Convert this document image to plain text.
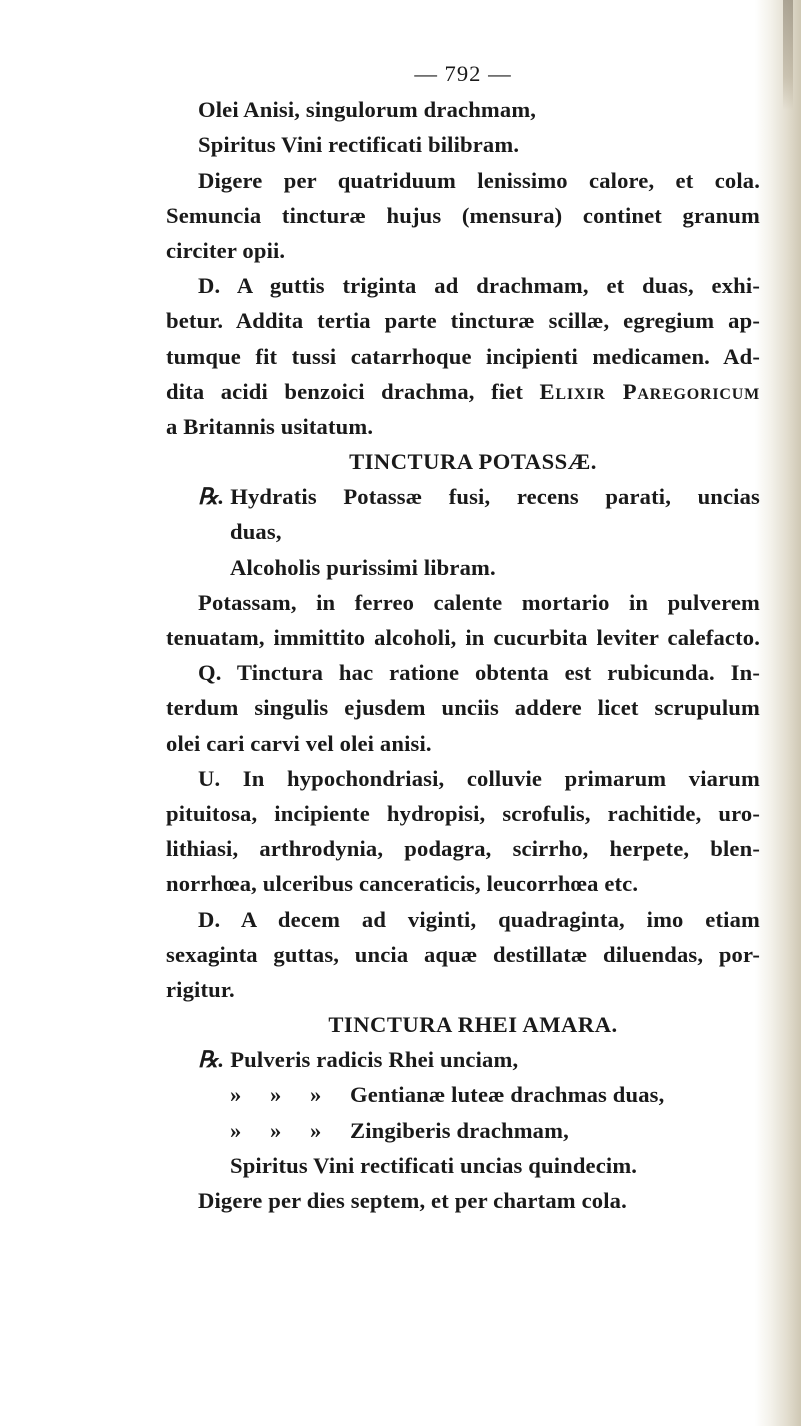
— 792 —
Olei Anisi, singulorum drachmam,
Spiritus Vini rectificati bilibram.
Digere per quatriduum lenissimo calore, et cola.
Semuncia tincturæ hujus (mensura) continet granum
circiter opii.
D. A guttis triginta ad drachmam, et duas, exhi-
betur. Addita tertia parte tincturæ scillæ, egregium ap-
tumque fit tussi catarrhoque incipienti medicamen. Ad-
dita acidi benzoici drachma, fiet Elixir Paregoricum
a Britannis usitatum.
TINCTURA POTASSÆ.
℞. Hydratis Potassæ fusi, recens parati, uncias
duas,
Alcoholis purissimi libram.
Potassam, in ferreo calente mortario in pulverem
tenuatam, immittito alcoholi, in cucurbita leviter calefacto.
Q. Tinctura hac ratione obtenta est rubicunda. In-
terdum singulis ejusdem unciis addere licet scrupulum
olei cari carvi vel olei anisi.
U. In hypochondriasi, colluvie primarum viarum
pituitosa, incipiente hydropisi, scrofulis, rachitide, uro-
lithiasi, arthrodynia, podagra, scirrho, herpete, blen-
norrhœa, ulceribus canceraticis, leucorrhœa etc.
D. A decem ad viginti, quadraginta, imo etiam
sexaginta guttas, uncia aquæ destillatæ diluendas, por-
rigitur.
TINCTURA RHEI AMARA.
℞. Pulveris radicis Rhei unciam,
» » » Gentianæ luteæ drachmas duas,
» » » Zingiberis drachmam,
Spiritus Vini rectificati uncias quindecim.
Digere per dies septem, et per chartam cola.
